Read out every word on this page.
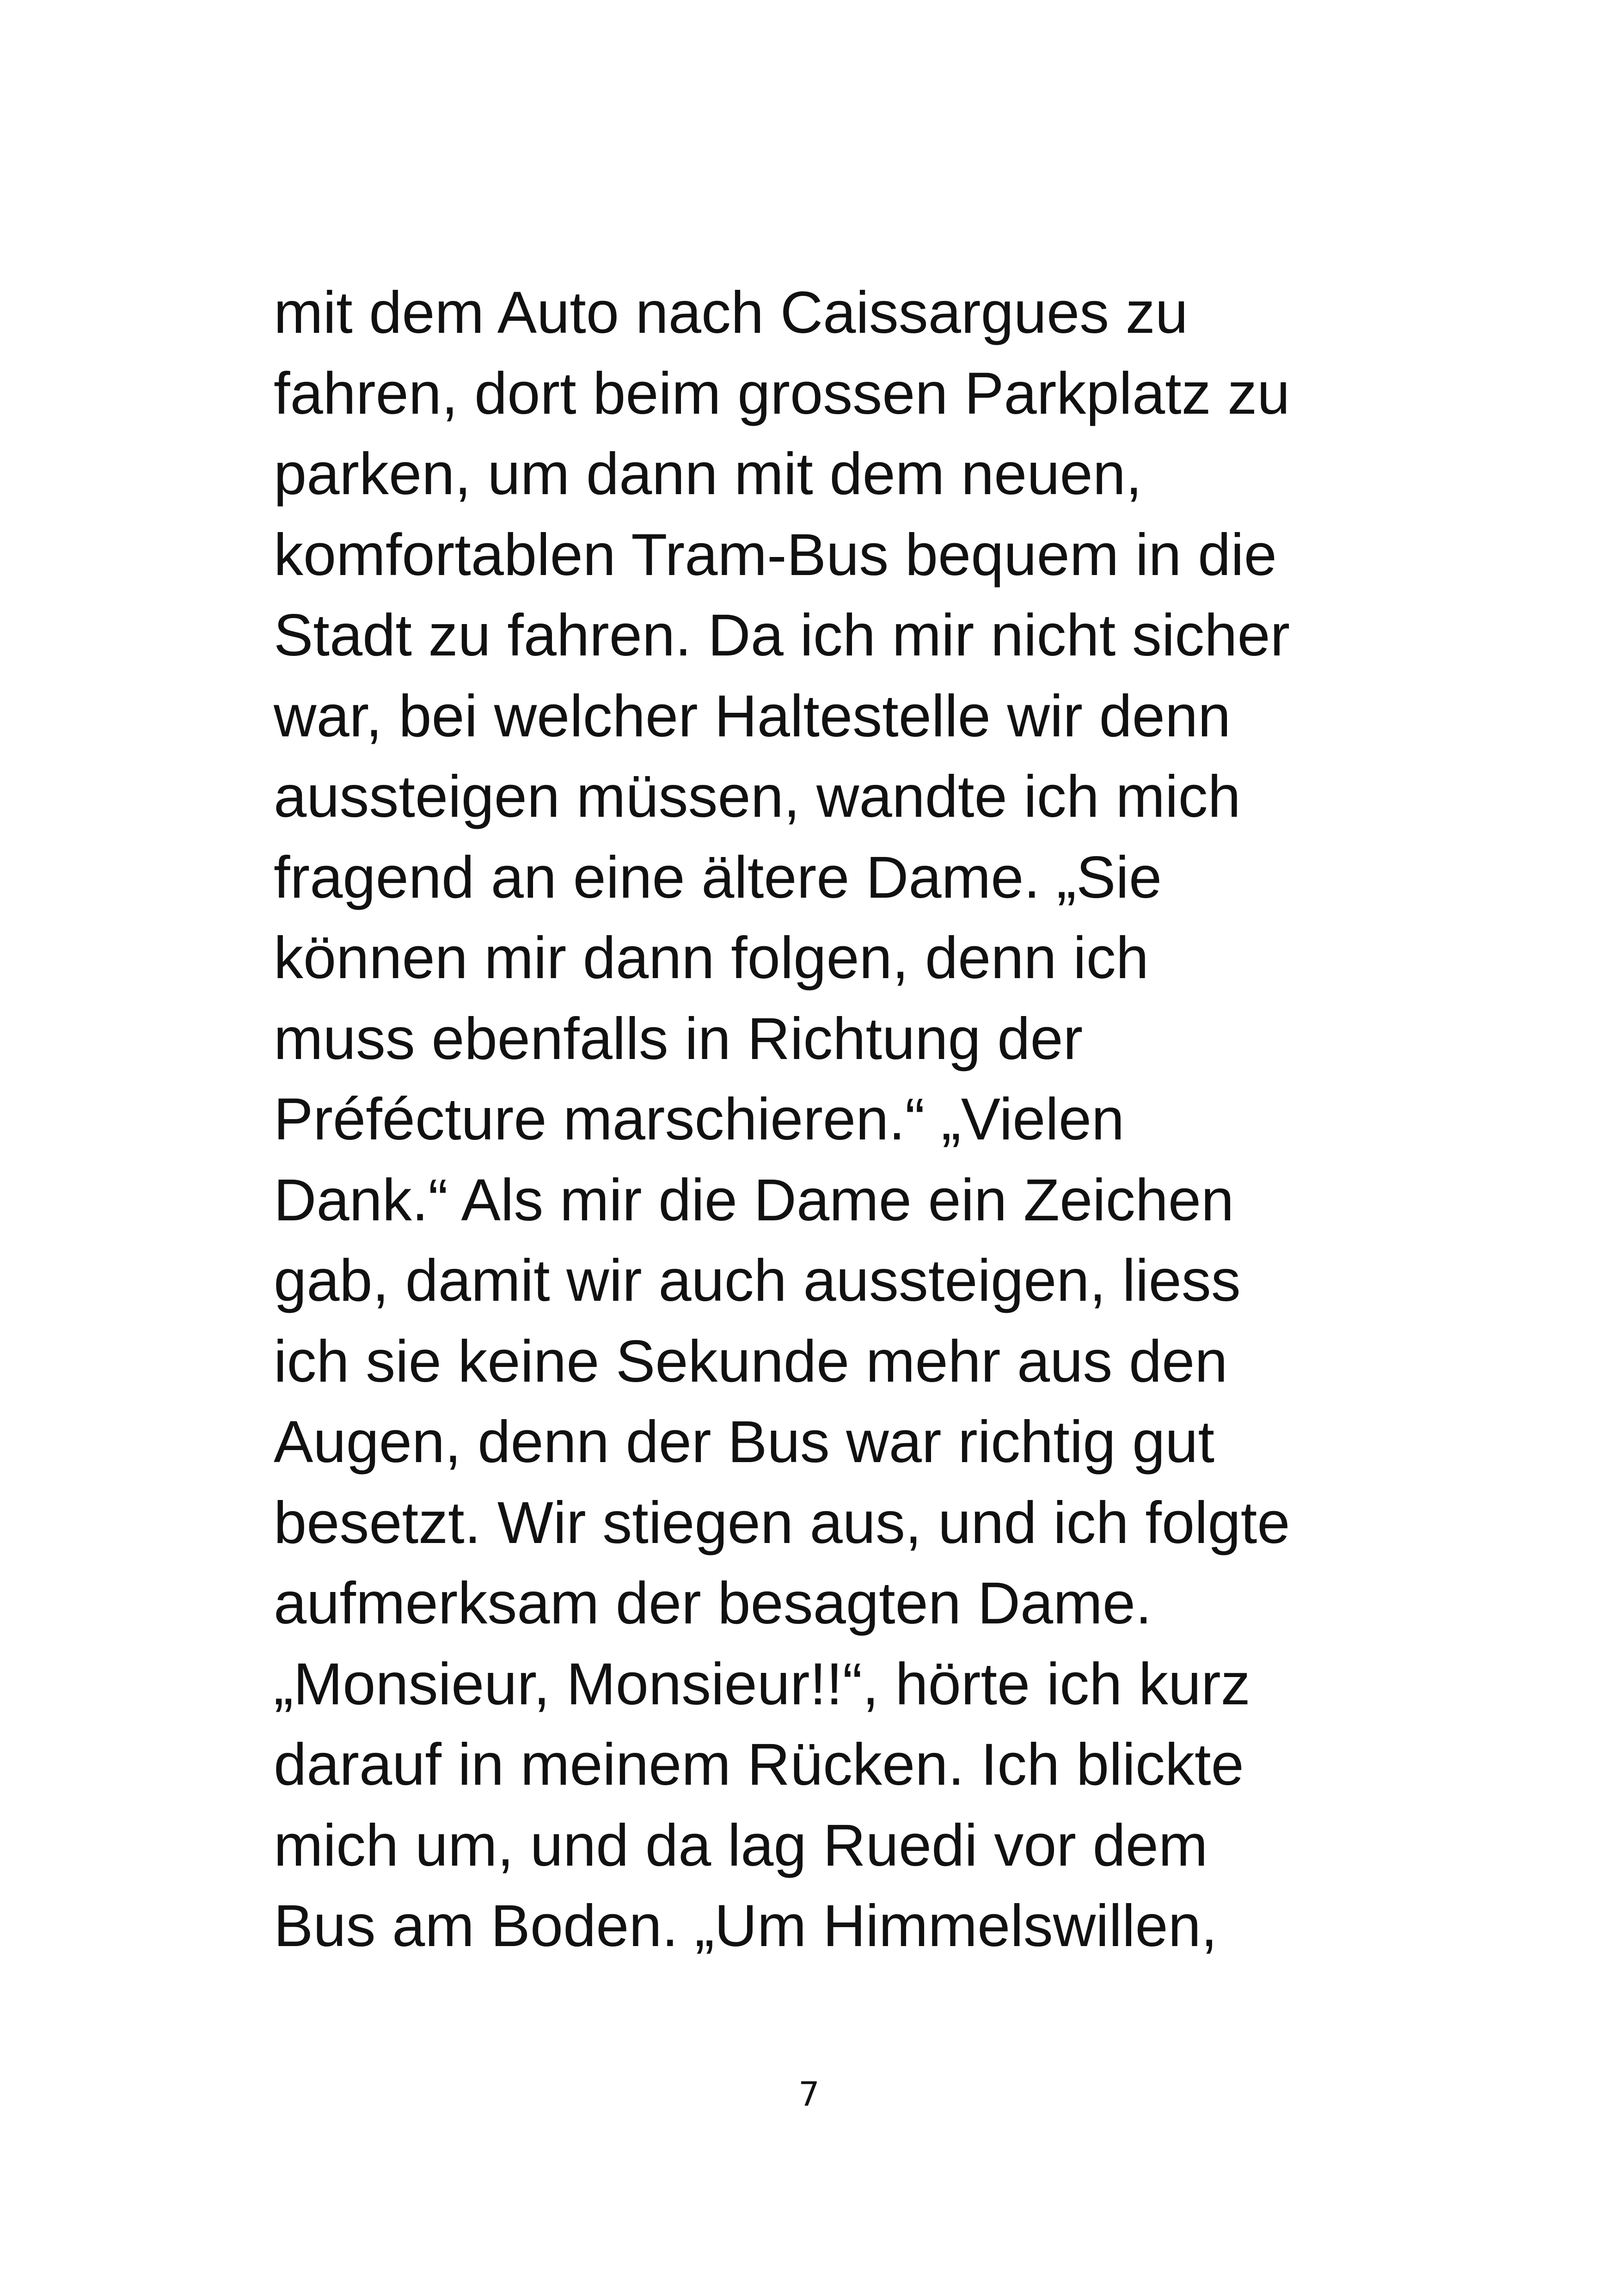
mit dem Auto nach Caissargues zu
fahren, dort beim grossen Parkplatz zu
parken, um dann mit dem neuen,
komfortablen Tram-Bus bequem in die
Stadt zu fahren. Da ich mir nicht sicher
war, bei welcher Haltestelle wir denn
aussteigen müssen, wandte ich mich
fragend an eine ältere Dame. „Sie
können mir dann folgen, denn ich
muss ebenfalls in Richtung der
Préfécture marschieren.“ „Vielen
Dank.“ Als mir die Dame ein Zeichen
gab, damit wir auch aussteigen, liess
ich sie keine Sekunde mehr aus den
Augen, denn der Bus war richtig gut
besetzt. Wir stiegen aus, und ich folgte
aufmerksam der besagten Dame.
„Monsieur, Monsieur!!“, hörte ich kurz
darauf in meinem Rücken. Ich blickte
mich um, und da lag Ruedi vor dem
Bus am Boden. „Um Himmelswillen,
7
